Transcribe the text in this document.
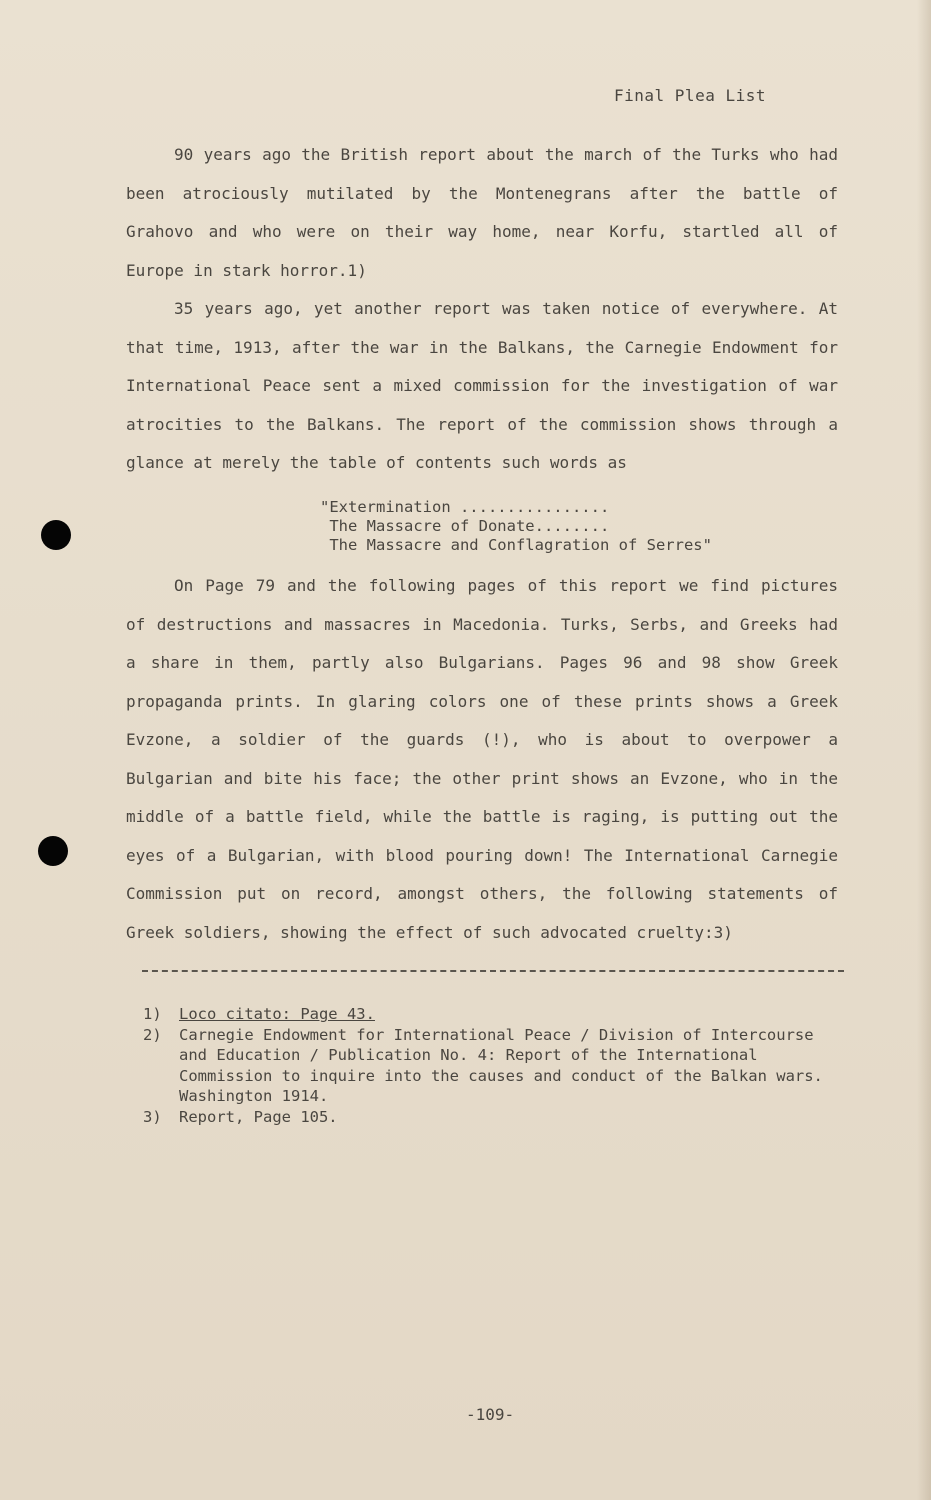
Final Plea List

90 years ago the British report about the march of the Turks who had been atrociously mutilated by the Montenegrans after the battle of Grahovo and who were on their way home, near Korfu, startled all of Europe in stark horror.1)

35 years ago, yet another report was taken notice of everywhere. At that time, 1913, after the war in the Balkans, the Carnegie Endowment for International Peace sent a mixed commission for the investigation of war atrocities to the Balkans. The report of the commission shows through a glance at merely the table of contents such words as

"Extermination ................
The Massacre of Donate........
The Massacre and Conflagration of Serres"

On Page 79 and the following pages of this report we find pictures of destructions and massacres in Macedonia. Turks, Serbs, and Greeks had a share in them, partly also Bulgarians. Pages 96 and 98 show Greek propaganda prints. In glaring colors one of these prints shows a Greek Evzone, a soldier of the guards (!), who is about to overpower a Bulgarian and bite his face; the other print shows an Evzone, who in the middle of a battle field, while the battle is raging, is putting out the eyes of a Bulgarian, with blood pouring down! The International Carnegie Commission put on record, amongst others, the following statements of Greek soldiers, showing the effect of such advocated cruelty:3)

1)	Loco citato: Page 43.
2)	Carnegie Endowment for International Peace / Division of Intercourse and Education / Publication No. 4: Report of the International Commission to inquire into the causes and conduct of the Balkan wars. Washington 1914.
3)	Report, Page 105.
-109-
